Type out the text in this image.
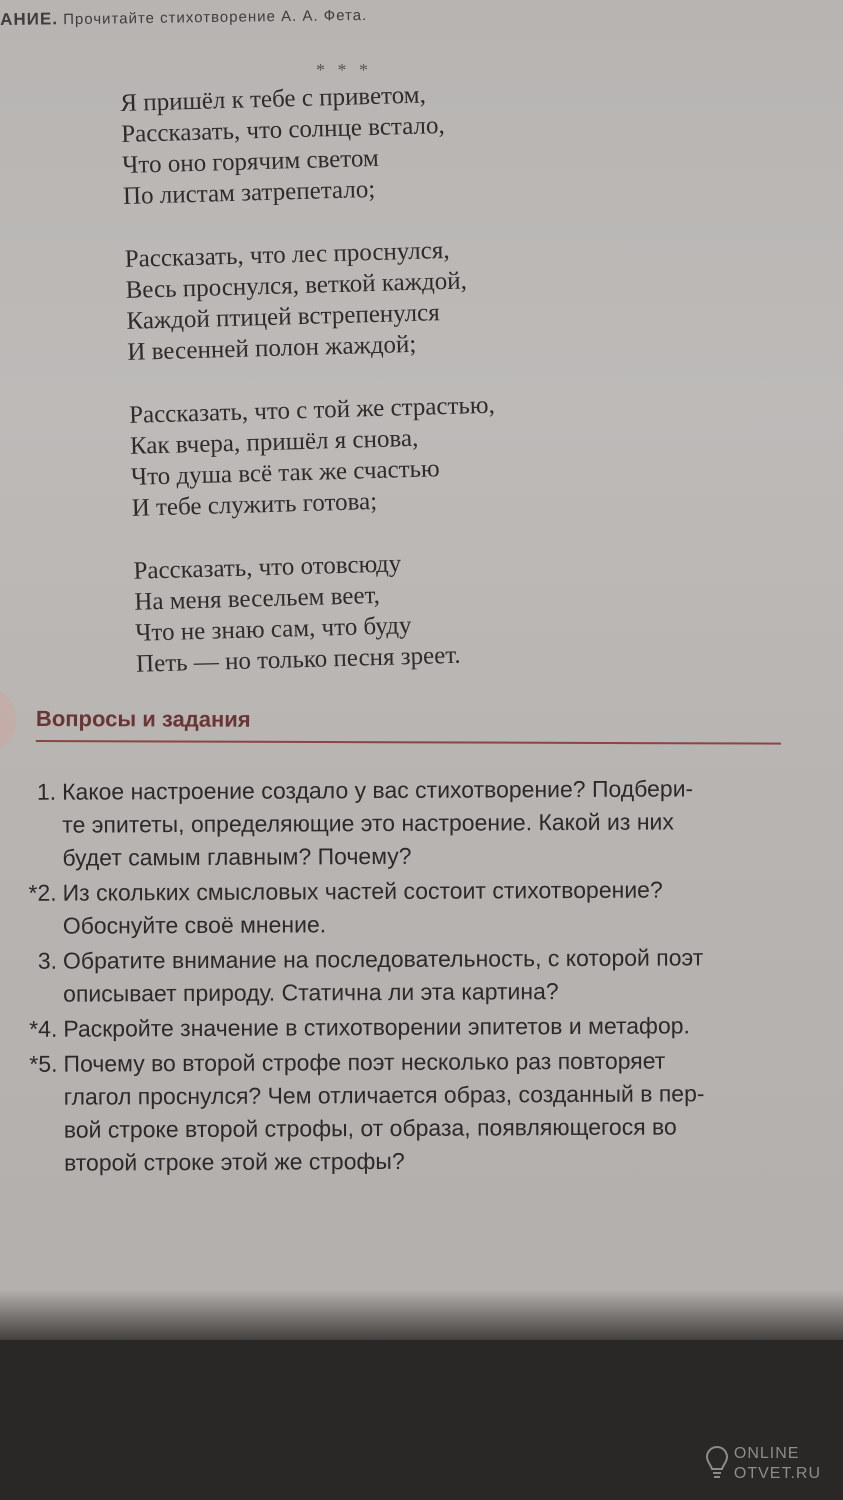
АНИЕ. Прочитайте стихотворение А. А. Фета.
* * *
Я пришёл к тебе с приветом,
Рассказать, что солнце встало,
Что оно горячим светом
По листам затрепетало;
Рассказать, что лес проснулся,
Весь проснулся, веткой каждой,
Каждой птицей встрепенулся
И весенней полон жаждой;
Рассказать, что с той же страстью,
Как вчера, пришёл я снова,
Что душа всё так же счастью
И тебе служить готова;
Рассказать, что отовсюду
На меня весельем веет,
Что не знаю сам, что буду
Петь — но только песня зреет.
Вопросы и задания
1. Какое настроение создало у вас стихотворение? Подбери-
те эпитеты, определяющие это настроение. Какой из них
будет самым главным? Почему?
*2. Из скольких смысловых частей состоит стихотворение?
Обоснуйте своё мнение.
3. Обратите внимание на последовательность, с которой поэт
описывает природу. Статична ли эта картина?
*4. Раскройте значение в стихотворении эпитетов и метафор.
*5. Почему во второй строфе поэт несколько раз повторяет
глагол проснулся? Чем отличается образ, созданный в пер-
вой строке второй строфы, от образа, появляющегося во
второй строке этой же строфы?
ONLINE
OTVET.RU
